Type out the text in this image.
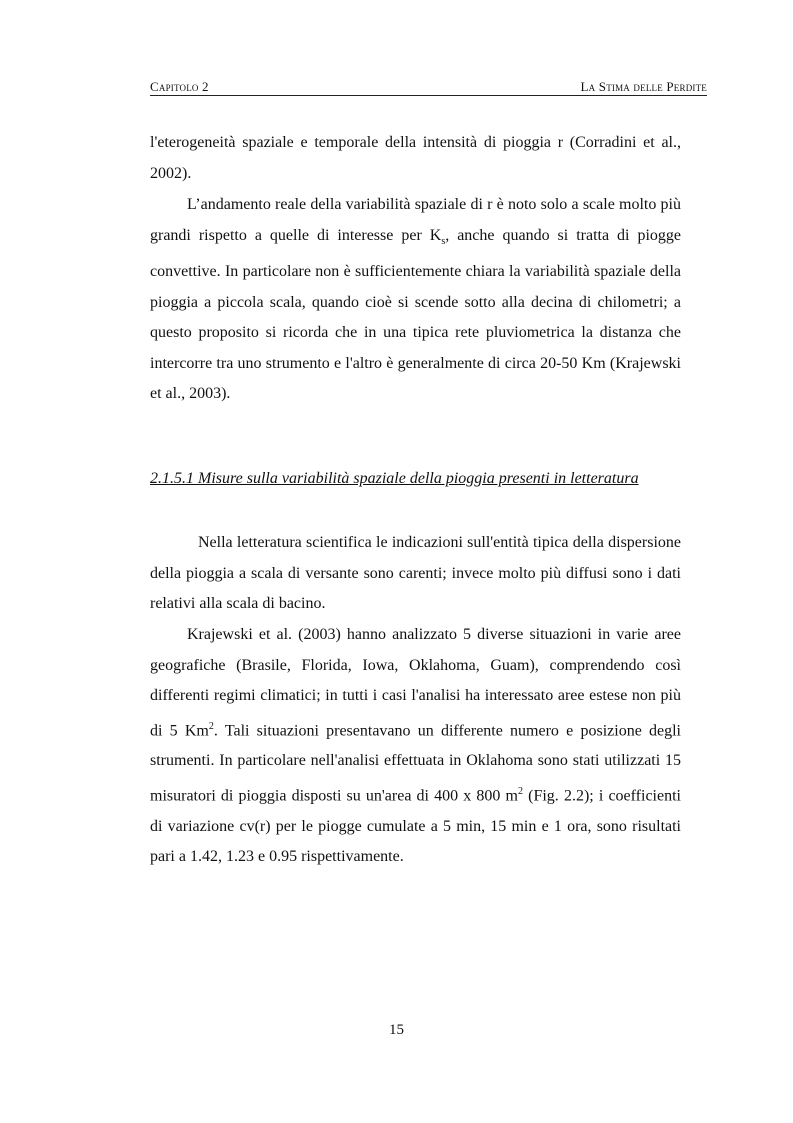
Capitolo 2	La Stima delle Perdite

l'eterogeneità spaziale e temporale della intensità di pioggia r (Corradini et al., 2002).

L’andamento reale della variabilità spaziale di r è noto solo a scale molto più grandi rispetto a quelle di interesse per $K_s$, anche quando si tratta di piogge convettive. In particolare non è sufficientemente chiara la variabilità spaziale della pioggia a piccola scala, quando cioè si scende sotto alla decina di chilometri; a questo proposito si ricorda che in una tipica rete pluviometrica la distanza che intercorre tra uno strumento e l'altro è generalmente di circa 20-50 Km (Krajewski et al., 2003).

2.1.5.1 Misure sulla variabilità spaziale della pioggia presenti in letteratura

Nella letteratura scientifica le indicazioni sull'entità tipica della dispersione della pioggia a scala di versante sono carenti; invece molto più diffusi sono i dati relativi alla scala di bacino.

Krajewski et al. (2003) hanno analizzato 5 diverse situazioni in varie aree geografiche (Brasile, Florida, Iowa, Oklahoma, Guam), comprendendo così differenti regimi climatici; in tutti i casi l'analisi ha interessato aree estese non più di 5 Km$^2$. Tali situazioni presentavano un differente numero e posizione degli strumenti. In particolare nell'analisi effettuata in Oklahoma sono stati utilizzati 15 misuratori di pioggia disposti su un'area di 400 x 800 $m^2$ (Fig. 2.2); i coefficienti di variazione cv(r) per le piogge cumulate a 5 min, 15 min e 1 ora, sono risultati pari a 1.42, 1.23 e 0.95 rispettivamente.

15
